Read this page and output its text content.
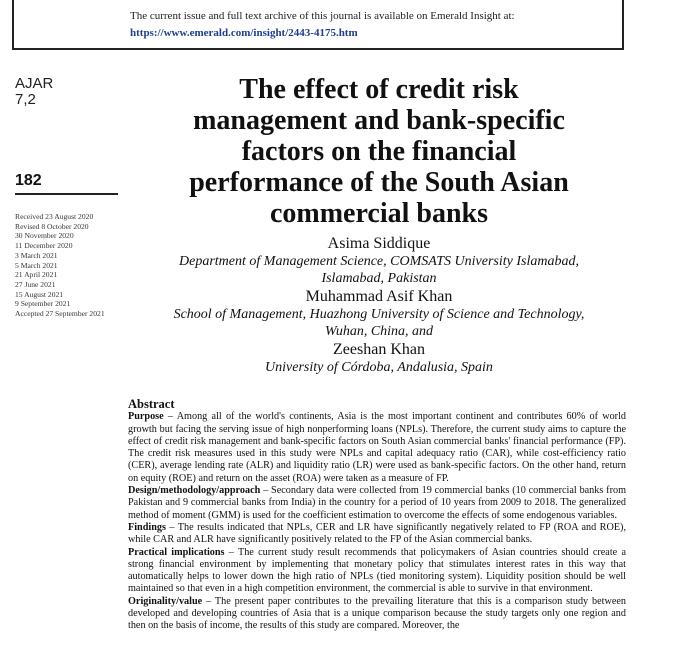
The current issue and full text archive of this journal is available on Emerald Insight at:
https://www.emerald.com/insight/2443-4175.htm
AJAR
7,2
182
Received 23 August 2020
Revised 8 October 2020
30 November 2020
11 December 2020
3 March 2021
5 March 2021
21 April 2021
27 June 2021
15 August 2021
9 September 2021
Accepted 27 September 2021
The effect of credit risk
management and bank-specific
factors on the financial
performance of the South Asian
commercial banks
Asima Siddique
Department of Management Science, COMSATS University Islamabad,
Islamabad, Pakistan
Muhammad Asif Khan
School of Management, Huazhong University of Science and Technology,
Wuhan, China, and
Zeeshan Khan
University of Córdoba, Andalusia, Spain
Abstract

Purpose – Among all of the world's continents, Asia is the most important continent and contributes 60% of world growth but facing the serving issue of high nonperforming loans (NPLs). Therefore, the current study aims to capture the effect of credit risk management and bank-specific factors on South Asian commercial banks' financial performance (FP). The credit risk measures used in this study were NPLs and capital adequacy ratio (CAR), while cost-efficiency ratio (CER), average lending rate (ALR) and liquidity ratio (LR) were used as bank-specific factors. On the other hand, return on equity (ROE) and return on the asset (ROA) were taken as a measure of FP.

Design/methodology/approach – Secondary data were collected from 19 commercial banks (10 commercial banks from Pakistan and 9 commercial banks from India) in the country for a period of 10 years from 2009 to 2018. The generalized method of moment (GMM) is used for the coefficient estimation to overcome the effects of some endogenous variables.

Findings – The results indicated that NPLs, CER and LR have significantly negatively related to FP (ROA and ROE), while CAR and ALR have significantly positively related to the FP of the Asian commercial banks.

Practical implications – The current study result recommends that policymakers of Asian countries should create a strong financial environment by implementing that monetary policy that stimulates interest rates in this way that automatically helps to lower down the high ratio of NPLs (tied monitoring system). Liquidity position should be well maintained so that even in a high competition environment, the commercial is able to survive in that environment.

Originality/value – The present paper contributes to the prevailing literature that this is a comparison study between developed and developing countries of Asia that is a unique comparison because the study targets only one region and then on the basis of income, the results of this study are compared. Moreover, the
